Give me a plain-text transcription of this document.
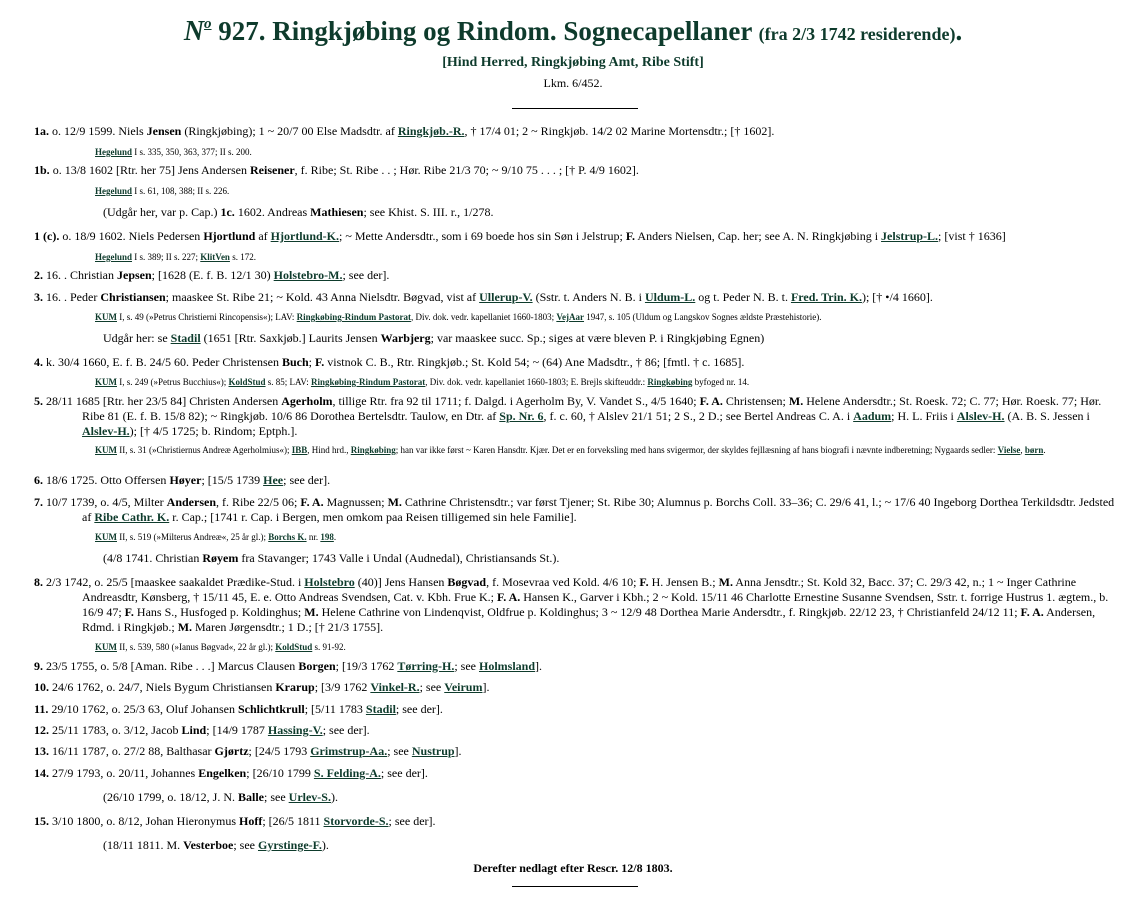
$N^o$ 927. Ringkjøbing og Rindom. Sognecapellaner (fra 2/3 1742 residerende).
[Hind Herred, Ringkjøbing Amt, Ribe Stift]
Lkm. 6/452.
1a. o. 12/9 1599. Niels Jensen (Ringkjøbing); 1 ~ 20/7 00 Else Madsdtr. af Ringkjøb.-R., † 17/4 01; 2 ~ Ringkjøb. 14/2 02 Marine Mortensdtr.; [† 1602].
Hegelund I s. 335, 350, 363, 377; II s. 200.
1b. o. 13/8 1602 [Rtr. her 75] Jens Andersen Reisener, f. Ribe; St. Ribe . . ; Hør. Ribe 21/3 70; ~ 9/10 75 . . . ; [† P. 4/9 1602].
Hegelund I s. 61, 108, 388; II s. 226.
(Udgår her, var p. Cap.) 1c. 1602. Andreas Mathiesen; see Khist. S. III. r., 1/278.
1 (c). o. 18/9 1602. Niels Pedersen Hjortlund af Hjortlund-K.; ~ Mette Andersdtr., som i 69 boede hos sin Søn i Jelstrup; F. Anders Nielsen, Cap. her; see A. N. Ringkjøbing i Jelstrup-L.; [vist † 1636]
Hegelund I s. 389; II s. 227; KlitVen s. 172.
2. 16. . Christian Jepsen; [1628 (E. f. B. 12/1 30) Holstebro-M.; see der].
3. 16. . Peder Christiansen; maaskee St. Ribe 21; ~ Kold. 43 Anna Nielsdtr. Bøgvad, vist af Ullerup-V. (Sstr. t. Anders N. B. i Uldum-L. og t. Peder N. B. t. Fred. Trin. K.); [† •/4 1660].
KUM I, s. 49 (»Petrus Christierni Rincopensis«); LAV: Ringkøbing-Rindum Pastorat, Div. dok. vedr. kapellaniet 1660-1803; VejAar 1947, s. 105 (Uldum og Langskov Sognes ældste Præstehistorie).
Udgår her: se Stadil (1651 [Rtr. Saxkjøb.] Laurits Jensen Warbjerg; var maaskee succ. Sp.; siges at være bleven P. i Ringkjøbing Egnen)
4. k. 30/4 1660, E. f. B. 24/5 60. Peder Christensen Buch; F. vistnok C. B., Rtr. Ringkjøb.; St. Kold 54; ~ (64) Ane Madsdtr., † 86; [fmtl. † c. 1685].
KUM I, s. 249 (»Petrus Bucchius«); KoldStud s. 85; LAV: Ringkøbing-Rindum Pastorat, Div. dok. vedr. kapellaniet 1660-1803; E. Brejls skifteuddr.: Ringkøbing byfoged nr. 14.
5. 28/11 1685 [Rtr. her 23/5 84] Christen Andersen Agerholm, tillige Rtr. fra 92 til 1711; f. Dalgd. i Agerholm By, V. Vandet S., 4/5 1640; F. A. Christensen; M. Helene Andersdtr.; St. Roesk. 72; C. 77; Hør. Roesk. 77; Hør. Ribe 81 (E. f. B. 15/8 82); ~ Ringkjøb. 10/6 86 Dorothea Bertelsdtr. Taulow, en Dtr. af Sp. Nr. 6, f. c. 60, † Alslev 21/1 51; 2 S., 2 D.; see Bertel Andreas C. A. i Aadum; H. L. Friis i Alslev-H. (A. B. S. Jessen i Alslev-H.); [† 4/5 1725; b. Rindom; Eptph.].
KUM II, s. 31 (»Christiernus Andreæ Agerholmius«); IBB, Hind hrd., Ringkøbing; han var ikke først ~ Karen Hansdtr. Kjær. Det er en forveksling med hans svigermor, der skyldes fejllæsning af hans biografi i nævnte indberetning; Nygaards sedler: Vielse, børn.
6. 18/6 1725. Otto Offersen Høyer; [15/5 1739 Hee; see der].
7. 10/7 1739, o. 4/5, Milter Andersen, f. Ribe 22/5 06; F. A. Magnussen; M. Cathrine Christensdtr.; var først Tjener; St. Ribe 30; Alumnus p. Borchs Coll. 33–36; C. 29/6 41, l.; ~ 17/6 40 Ingeborg Dorthea Terkildsdtr. Jedsted af Ribe Cathr. K. r. Cap.; [1741 r. Cap. i Bergen, men omkom paa Reisen tilligemed sin hele Familie].
KUM II, s. 519 (»Milterus Andreæ«, 25 år gl.); Borchs K. nr. 198.
(4/8 1741. Christian Røyem fra Stavanger; 1743 Valle i Undal (Audnedal), Christiansands St.).
8. 2/3 1742, o. 25/5 [maaskee saakaldet Prædike-Stud. i Holstebro (40)] Jens Hansen Bøgvad, f. Mosevraa ved Kold. 4/6 10; F. H. Jensen B.; M. Anna Jensdtr.; St. Kold 32, Bacc. 37; C. 29/3 42, n.; 1 ~ Inger Cathrine Andreasdtr, Kønsberg, † 15/11 45, E. e. Otto Andreas Svendsen, Cat. v. Kbh. Frue K.; F. A. Hansen K., Garver i Kbh.; 2 ~ Kold. 15/11 46 Charlotte Ernestine Susanne Svendsen, Sstr. t. forrige Hustrus 1. ægtem., b. 16/9 47; F. Hans S., Husfoged p. Koldinghus; M. Helene Cathrine von Lindenqvist, Oldfrue p. Koldinghus; 3 ~ 12/9 48 Dorthea Marie Andersdtr., f. Ringkjøb. 22/12 23, † Christianfeld 24/12 11; F. A. Andersen, Rdmd. i Ringkjøb.; M. Maren Jørgensdtr.; 1 D.; [† 21/3 1755].
KUM II, s. 539, 580 (»Ianus Bøgvad«, 22 år gl.); KoldStud s. 91-92.
9. 23/5 1755, o. 5/8 [Aman. Ribe . . .] Marcus Clausen Borgen; [19/3 1762 Tørring-H.; see Holmsland].
10. 24/6 1762, o. 24/7, Niels Bygum Christiansen Krarup; [3/9 1762 Vinkel-R.; see Veirum].
11. 29/10 1762, o. 25/3 63, Oluf Johansen Schlichtkrull; [5/11 1783 Stadil; see der].
12. 25/11 1783, o. 3/12, Jacob Lind; [14/9 1787 Hassing-V.; see der].
13. 16/11 1787, o. 27/2 88, Balthasar Gjørtz; [24/5 1793 Grimstrup-Aa.; see Nustrup].
14. 27/9 1793, o. 20/11, Johannes Engelken; [26/10 1799 S. Felding-A.; see der].
(26/10 1799, o. 18/12, J. N. Balle; see Urlev-S.).
15. 3/10 1800, o. 8/12, Johan Hieronymus Hoff; [26/5 1811 Storvorde-S.; see der].
(18/11 1811. M. Vesterboe; see Gyrstinge-F.).
Derefter nedlagt efter Rescr. 12/8 1803.
